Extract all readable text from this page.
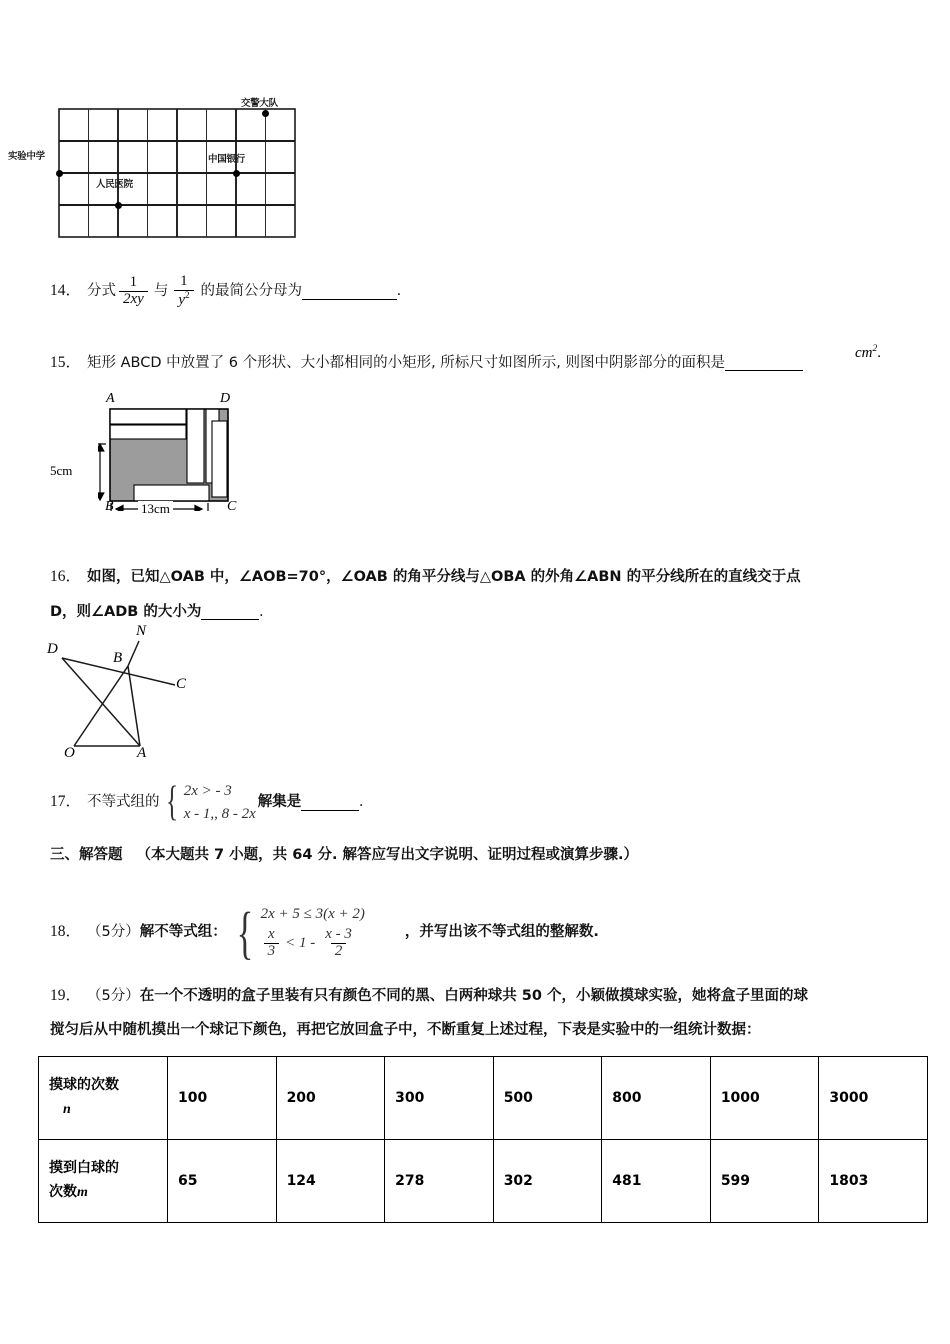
交警大队
实验中学
人民医院
中国银行
14． 分式 $\frac{1}{2xy}$ 与 $\frac{1}{y^2}$ 的最简公分母为	.
15． 矩形 ABCD 中放置了 6 个形状、大小都相同的小矩形, 所标尺寸如图所示, 则图中阴影部分的面积是
$cm^2$.
A	D
B	C
5cm
13cm
16． 如图，已知△OAB 中，∠AOB=70°，∠OAB 的角平分线与△OBA 的外角∠ABN 的平分线所在的直线交于点
D，则∠ADB 的大小为	.
D
N
B
C
O	A
17． 不等式组的 { 2x > - 3
x - 1,, 8 - 2x
解集是	.
三、解答题 （本大题共 7 小题，共 64 分. 解答应写出文字说明、证明过程或演算步骤.）
18． （5分） 解不等式组： { 2x + 5 ≤ 3(x + 2)
$\frac{x}{3} < 1 - \frac{x - 3}{2}$	，并写出该不等式组的整解数.
19． （5分） 在一个不透明的盒子里装有只有颜色不同的黑、白两种球共 50 个，小颖做摸球实验，她将盒子里面的球
搅匀后从中随机摸出一个球记下颜色，再把它放回盒子中，不断重复上述过程，下表是实验中的一组统计数据：
摸球的次数
n	100	200	300	500	800	1000	3000
摸到白球的
次数m	65	124	278	302	481	599	1803
